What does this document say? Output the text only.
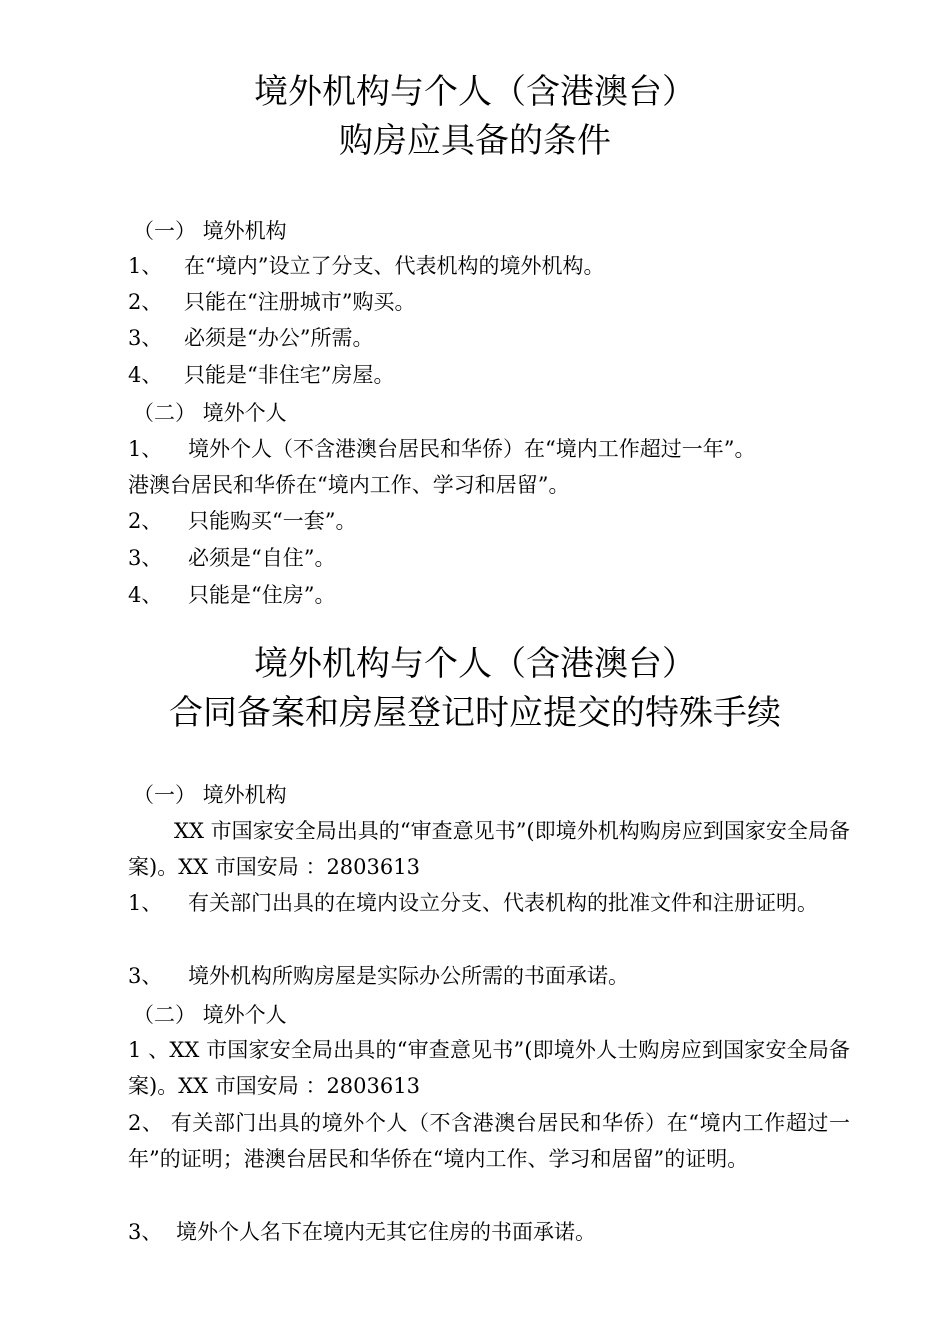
境外机构与个人（含港澳台）
购房应具备的条件
（一） 境外机构
1、 在“境内”设立了分支、代表机构的境外机构。
2、 只能在“注册城市”购买。
3、 必须是“办公”所需。
4、 只能是“非住宅”房屋。
（二） 境外个人
1、 境外个人（不含港澳台居民和华侨）在“境内工作超过一年”。
港澳台居民和华侨在“境内工作、学习和居留”。
2、 只能购买“一套”。
3、 必须是“自住”。
4、 只能是“住房”。
境外机构与个人（含港澳台）
合同备案和房屋登记时应提交的特殊手续
（一） 境外机构
XX 市国家安全局出具的“审查意见书”(即境外机构购房应到国家安全局备案)。XX 市国安局 ：2803613
1、 有关部门出具的在境内设立分支、代表机构的批准文件和注册证明。
3、 境外机构所购房屋是实际办公所需的书面承诺。
（二） 境外个人
1 、XX 市国家安全局出具的“审查意见书”(即境外人士购房应到国家安全局备案)。XX 市国安局 ：2803613
2、 有关部门出具的境外个人（不含港澳台居民和华侨）在“境内工作超过一年”的证明；港澳台居民和华侨在“境内工作、学习和居留”的证明。
3、 境外个人名下在境内无其它住房的书面承诺。
